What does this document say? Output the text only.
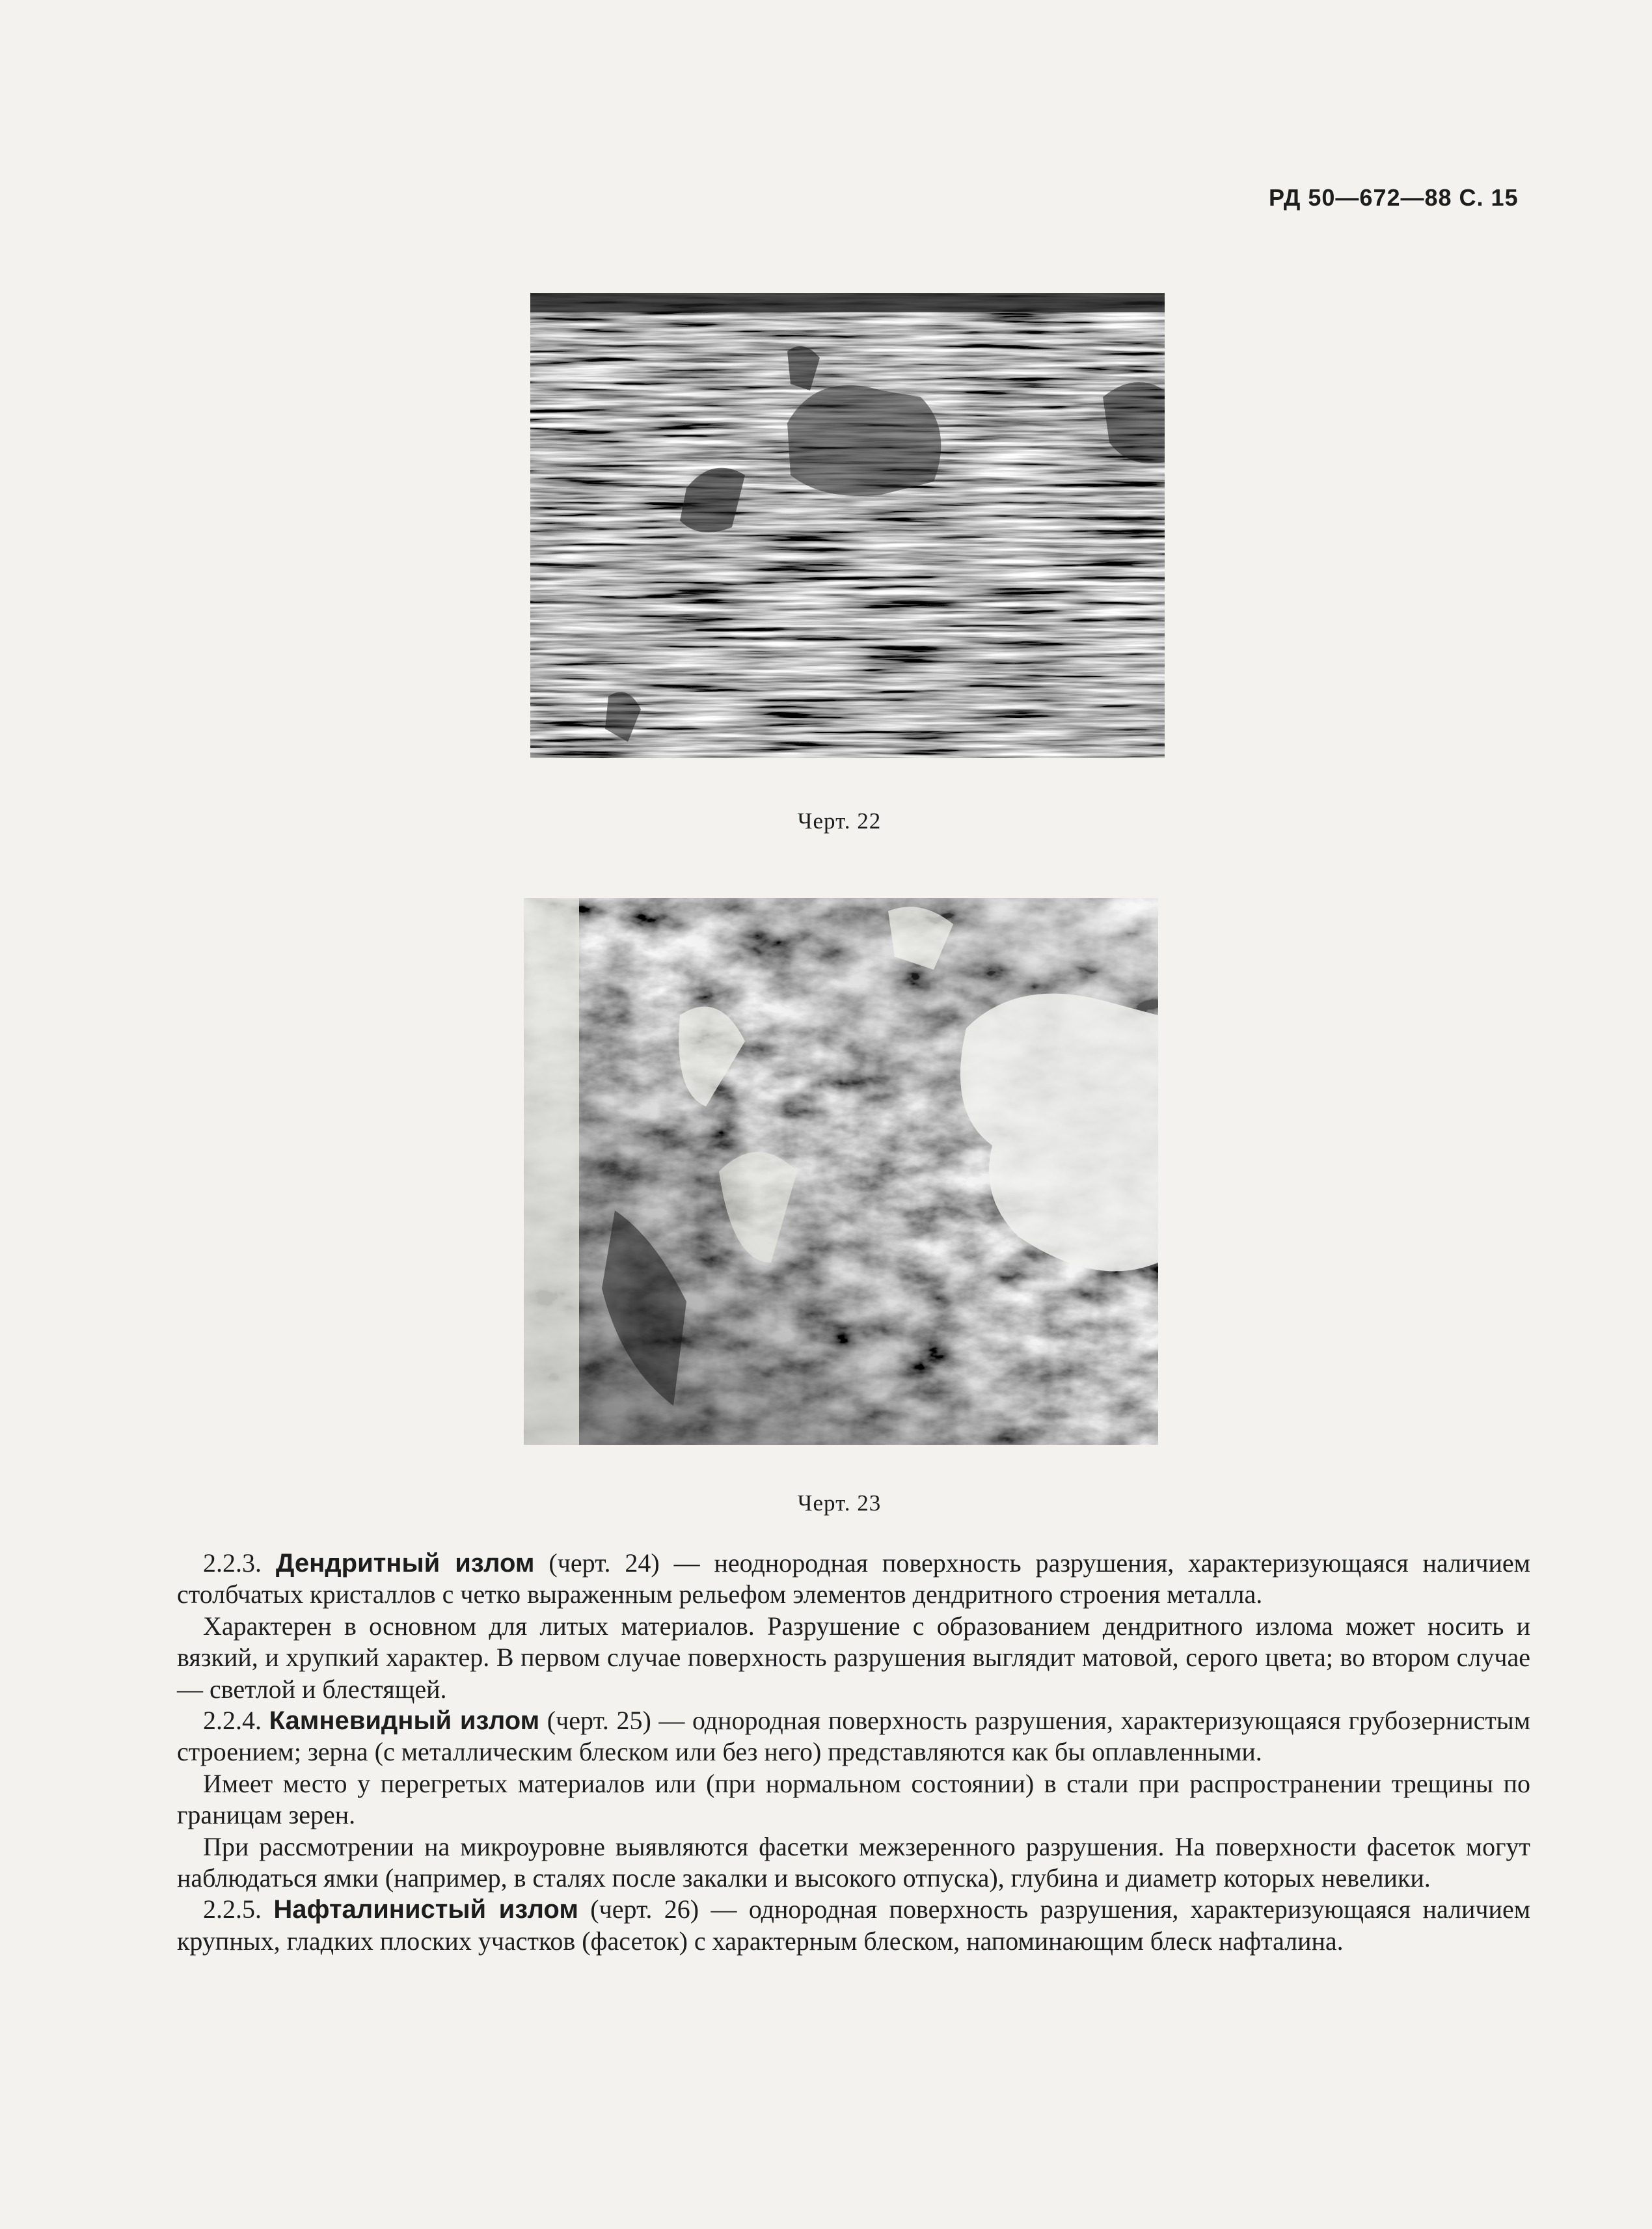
РД 50—672—88 С. 15
Черт. 22
Черт. 23

2.2.3. Дендритный излом (черт. 24) — неоднородная поверхность разрушения, характеризующаяся наличием столбчатых кристаллов с четко выраженным рельефом элементов дендритного строения металла.

Характерен в основном для литых материалов. Разрушение с образованием дендритного излома может носить и вязкий, и хрупкий характер. В первом случае поверхность разрушения выглядит матовой, серого цвета; во втором случае — светлой и блестящей.

2.2.4. Камневидный излом (черт. 25) — однородная поверхность разрушения, характеризующаяся грубозернистым строением; зерна (с металлическим блеском или без него) представляются как бы оплавленными.

Имеет место у перегретых материалов или (при нормальном состоянии) в стали при распространении трещины по границам зерен.

При рассмотрении на микроуровне выявляются фасетки межзеренного разрушения. На поверхности фасеток могут наблюдаться ямки (например, в сталях после закалки и высокого отпуска), глубина и диаметр которых невелики.

2.2.5. Нафталинистый излом (черт. 26) — однородная поверхность разрушения, характеризующаяся наличием крупных, гладких плоских участков (фасеток) с характерным блеском, напоминающим блеск нафталина.
